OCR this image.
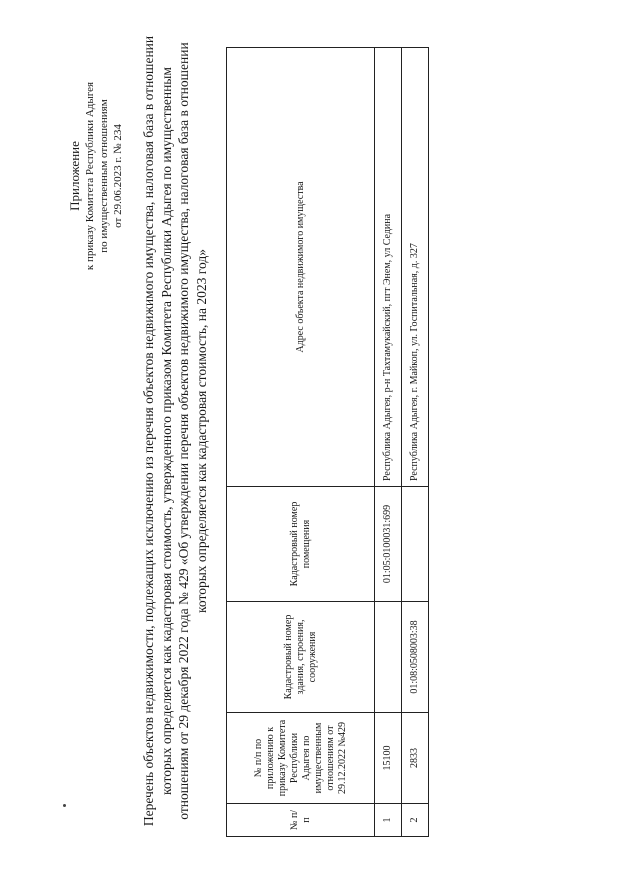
Приложение к приказу Комитета Республики Адыгея по имущественным отношениям от 29.06.2023 г. № 234 Перечень объектов недвижимости, подлежащих исключению из перечня объектов недвижимого имущества, налоговая база в отношении которых определяется как кадастровая стоимость, утвержденного приказом Комитета Республики Адыгея по имущественным отношениям от 29 декабря 2022 года № 429 «Об утверждении перечня объектов недвижимого имущества, налоговая база в отношении которых определяется как кадастровая стоимость, на 2023 год»
№ п/п	№ п/п по приложению к приказу Комитета Республики Адыгея по имущественным отношениям от 29.12.2022 №429	Кадастровый номер здания, строения, сооружения	Кадастровый номер помещения	Адрес объекта недвижимого имущества
1	15100		01:05:0100031:699	Республика Адыгея, р-н Тахтамукайский, пгт Энем, ул Седина
2	2833	01:08:0508003:38		Республика Адыгея, г. Майкоп, ул. Госпитальная, д. 327
